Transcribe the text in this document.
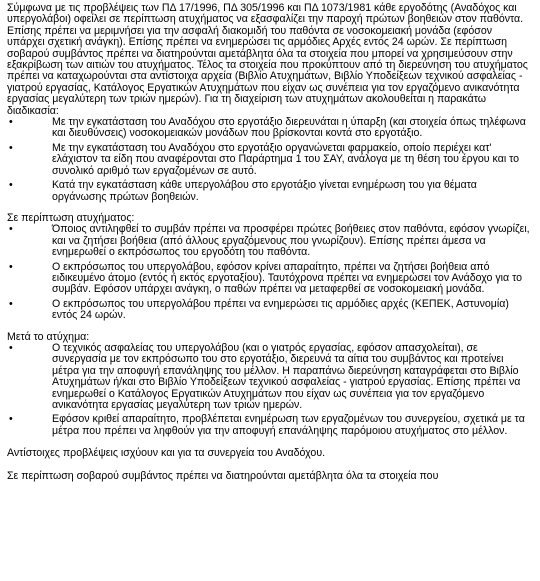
Σύμφωνα με τις προβλέψεις των ΠΔ 17/1996, ΠΔ 305/1996 και ΠΔ 1073/1981 κάθε εργοδότης (Αναδόχος και υπεργολάβοι) οφείλει σε περίπτωση ατυχήματος να εξασφαλίζει την παροχή πρώτων βοηθειών στον παθόντα. Επίσης πρέπει να μεριμνήσει για την ασφαλή διακομιδή του παθόντα σε νοσοκομειακή μονάδα (εφόσον υπάρχει σχετική ανάγκη). Επίσης πρέπει να ενημερώσει τις αρμόδιες Αρχές εντός 24 ωρών. Σε περίπτωση σοβαρού συμβάντος πρέπει να διατηρούνται αμετάβλητα όλα τα στοιχεία που μπορεί να χρησιμεύσουν στην εξακρίβωση των αιτιών του ατυχήματος. Τέλος τα στοιχεία που προκύπτουν από τη διερεύνηση του ατυχήματος πρέπει να καταχωρούνται στα αντίστοιχα αρχεία (Βιβλίο Ατυχημάτων, Βιβλίο Υποδείξεων τεχνικού ασφαλείας - γιατρού εργασίας, Κατάλογος Εργατικών Ατυχημάτων που είχαν ως συνέπεια για τον εργαζόμενο ανικανότητα εργασίας μεγαλύτερη των τριών ημερών). Για τη διαχείριση των ατυχημάτων ακολουθείται η παρακάτω διαδικασία:

•	Με την εγκατάσταση του Αναδόχου στο εργοτάξιο διερευνάται η ύπαρξη (και στοιχεία όπως τηλέφωνα και διευθύνσεις) νοσοκομειακών μονάδων που βρίσκονται κοντά στο εργοτάξιο.
•	Με την εγκατάσταση του Αναδόχου στο εργοτάξιο οργανώνεται φαρμακείο, οποίο περιέχει κατ' ελάχιστον τα είδη που αναφέρονται στο Παράρτημα 1 του ΣΑΥ, ανάλογα με τη θέση του έργου και το συνολικό αριθμό των εργαζομένων σε αυτό.
•	Κατά την εγκατάσταση κάθε υπεργολάβου στο εργοτάξιο γίνεται ενημέρωση του για θέματα οργάνωσης πρώτων βοηθειών.

Σε περίπτωση ατυχήματος:

•	Όποιος αντιληφθεί το συμβάν πρέπει να προσφέρει πρώτες βοήθειες στον παθόντα, εφόσον γνωρίζει, και να ζητήσει βοήθεια (από άλλους εργαζόμενους που γνωρίζουν). Επίσης πρέπει άμεσα να ενημερωθεί ο εκπρόσωπος του εργοδότη του παθόντα.
•	Ο εκπρόσωπος του υπεργολάβου, εφόσον κρίνει απαραίτητο, πρέπει να ζητήσει βοήθεια από ειδικευμένο άτομο (εντός ή εκτός εργοταξίου). Ταυτόχρονα πρέπει να ενημερώσει τον Ανάδοχο για το συμβάν. Εφόσον υπάρχει ανάγκη, ο παθών πρέπει να μεταφερθεί σε νοσοκομειακή μονάδα.
•	Ο εκπρόσωπος του υπεργολάβου πρέπει να ενημερώσει τις αρμόδιες αρχές (ΚΕΠΕΚ, Αστυνομία) εντός 24 ωρών.

Μετά το ατύχημα:

•	Ο τεχνικός ασφαλείας του υπεργολάβου (και ο γιατρός εργασίας, εφόσον απασχολείται), σε συνεργασία με τον εκπρόσωπο του στο εργοτάξιο, διερευνά τα αίτια του συμβάντος και προτείνει μέτρα για την αποφυγή επανάληψης του μέλλον. Η παραπάνω διερεύνηση καταγράφεται στο Βιβλίο Ατυχημάτων ή/και στο Βιβλίο Υποδείξεων τεχνικού ασφαλείας - γιατρού εργασίας. Επίσης πρέπει να ενημερωθεί ο Κατάλογος Εργατικών Ατυχημάτων που είχαν ως συνέπεια για τον εργαζόμενο ανικανότητα εργασίας μεγαλύτερη των τριών ημερών.
•	Εφόσον κριθεί απαραίτητο, προβλέπεται ενημέρωση των εργαζομένων του συνεργείου, σχετικά με τα μέτρα που πρέπει να ληφθούν για την αποφυγή επανάληψης παρόμοιου ατυχήματος στο μέλλον.

Αντίστοιχες προβλέψεις ισχύουν και για τα συνεργεία του Αναδόχου.

Σε περίπτωση σοβαρού συμβάντος πρέπει να διατηρούνται αμετάβλητα όλα τα στοιχεία που
